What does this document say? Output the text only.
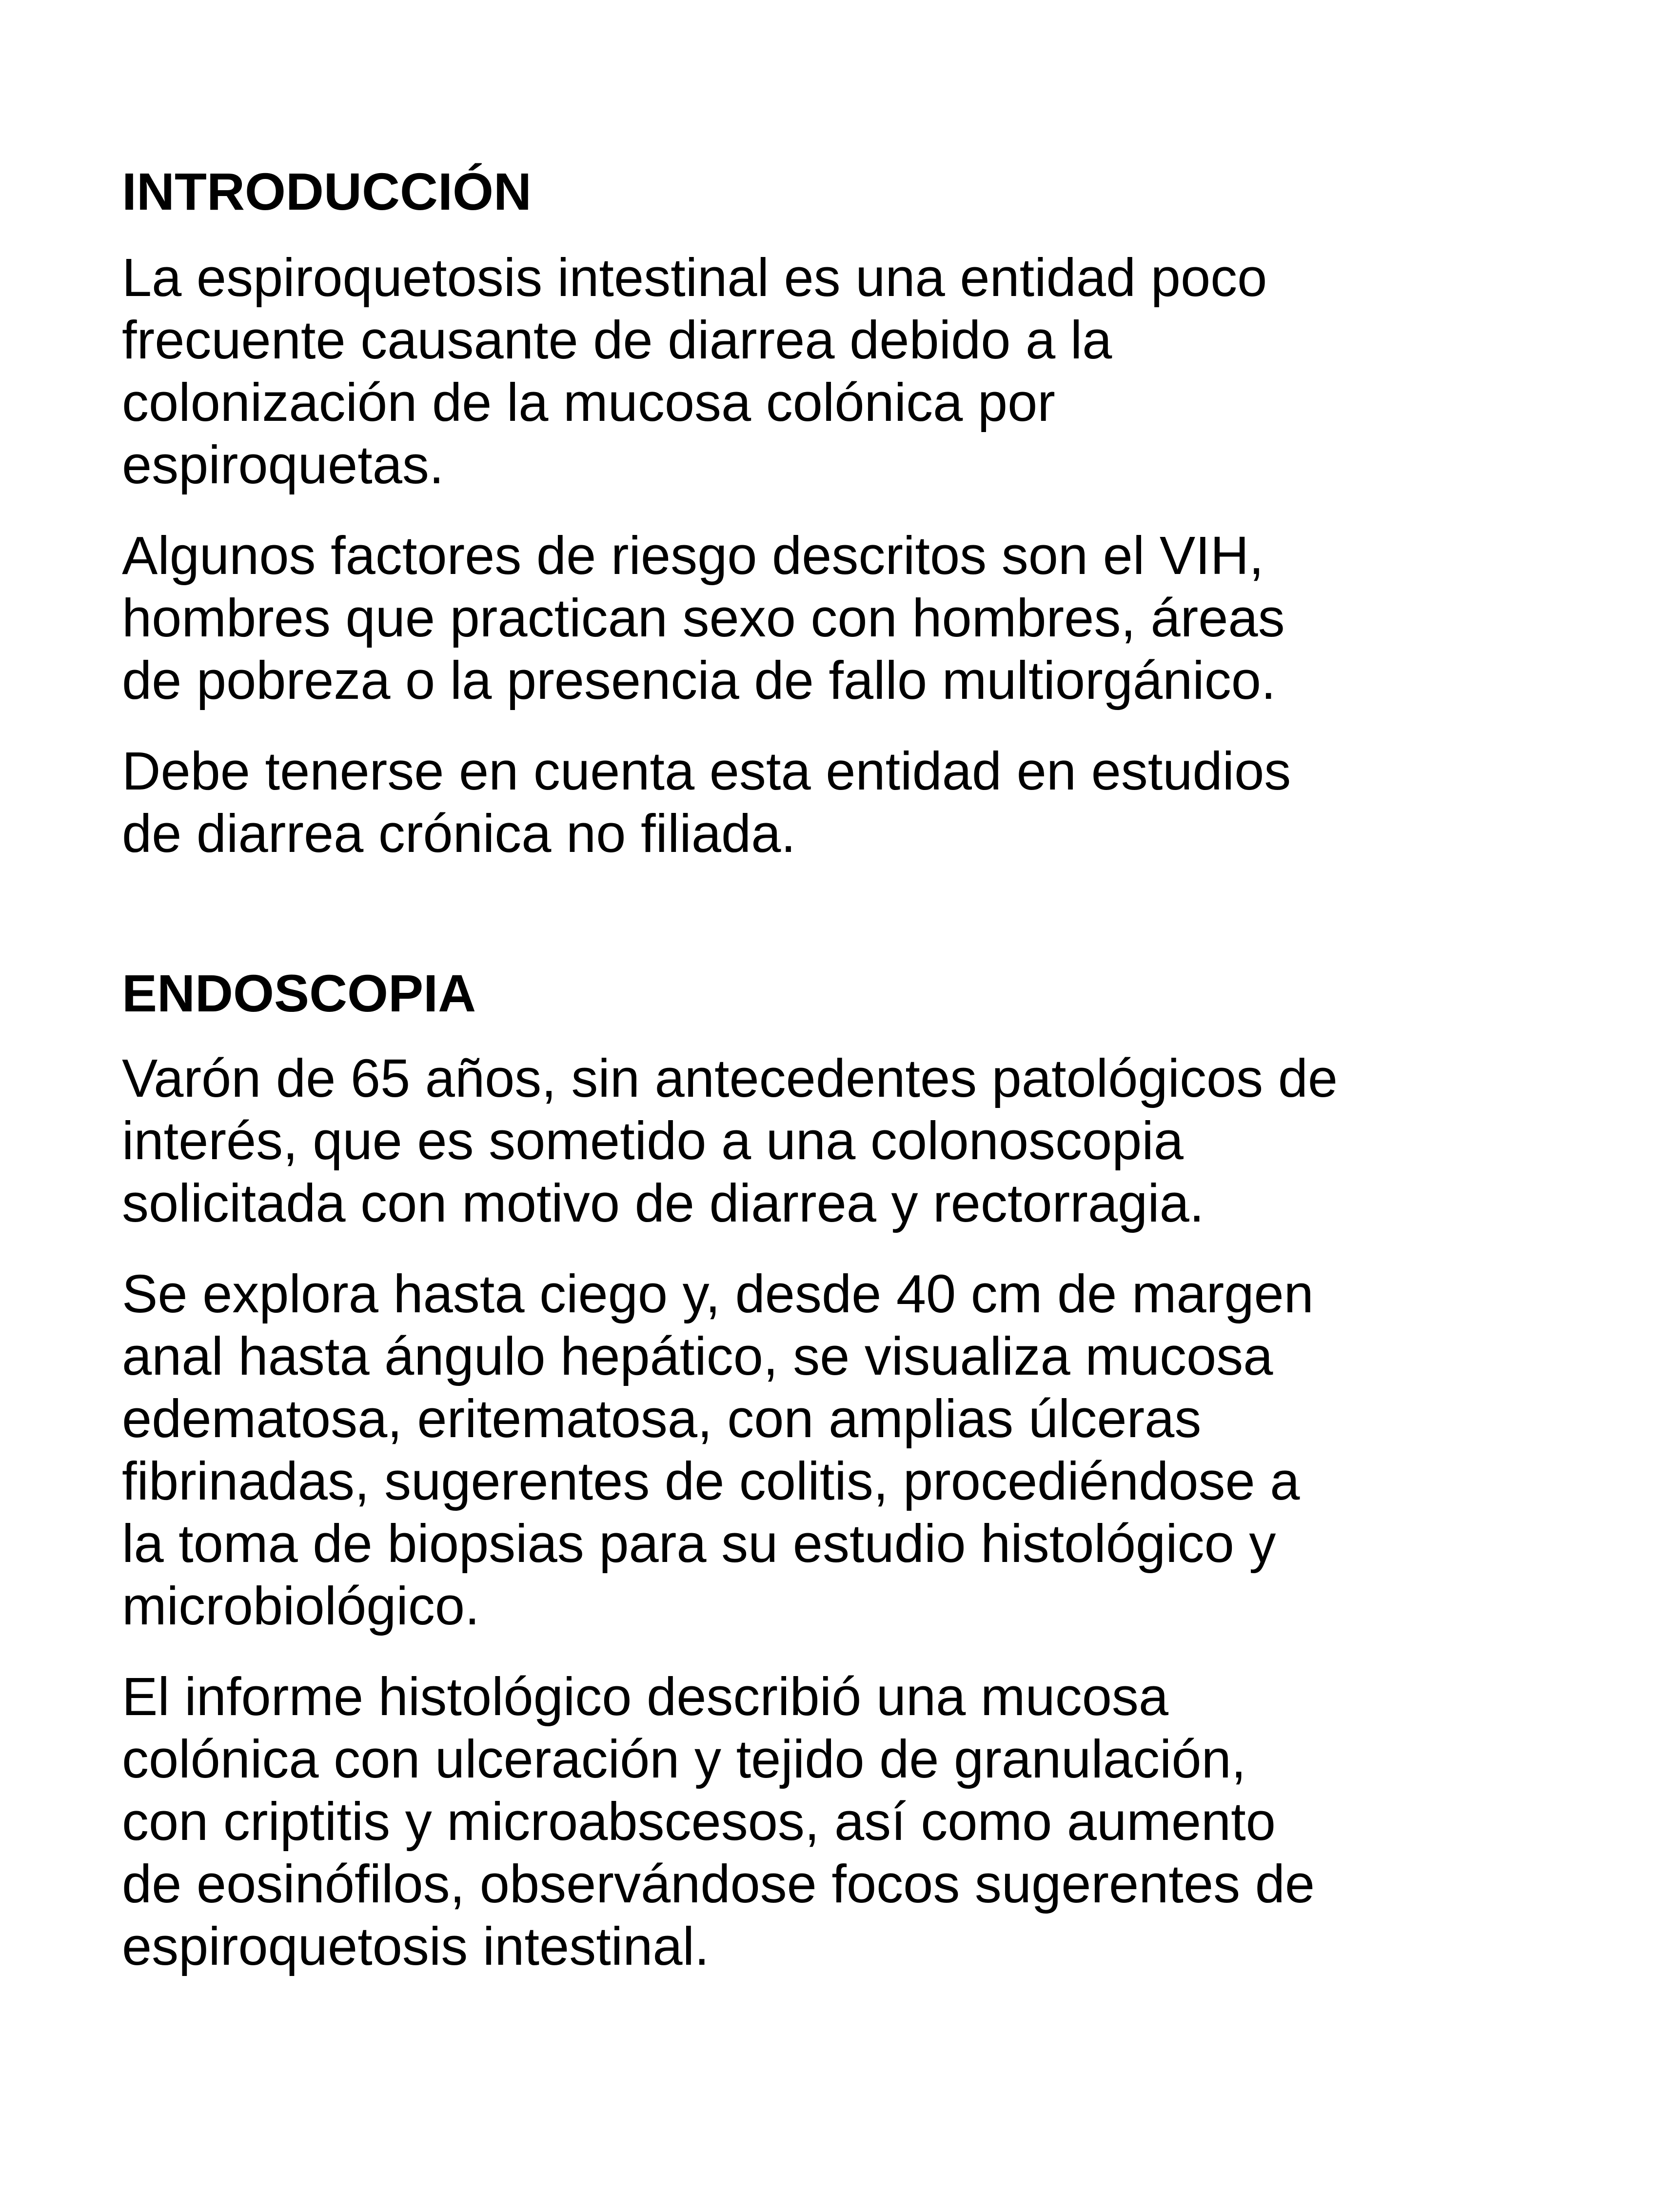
INTRODUCCIÓN

La espiroquetosis intestinal es una entidad poco
frecuente causante de diarrea debido a la
colonización de la mucosa colónica por
espiroquetas.

Algunos factores de riesgo descritos son el VIH,
hombres que practican sexo con hombres, áreas
de pobreza o la presencia de fallo multiorgánico.

Debe tenerse en cuenta esta entidad en estudios
de diarrea crónica no filiada.

ENDOSCOPIA

Varón de 65 años, sin antecedentes patológicos de
interés, que es sometido a una colonoscopia
solicitada con motivo de diarrea y rectorragia.

Se explora hasta ciego y, desde 40 cm de margen
anal hasta ángulo hepático, se visualiza mucosa
edematosa, eritematosa, con amplias úlceras
fibrinadas, sugerentes de colitis, procediéndose a
la toma de biopsias para su estudio histológico y
microbiológico.

El informe histológico describió una mucosa
colónica con ulceración y tejido de granulación,
con criptitis y microabscesos, así como aumento
de eosinófilos, observándose focos sugerentes de
espiroquetosis intestinal.
